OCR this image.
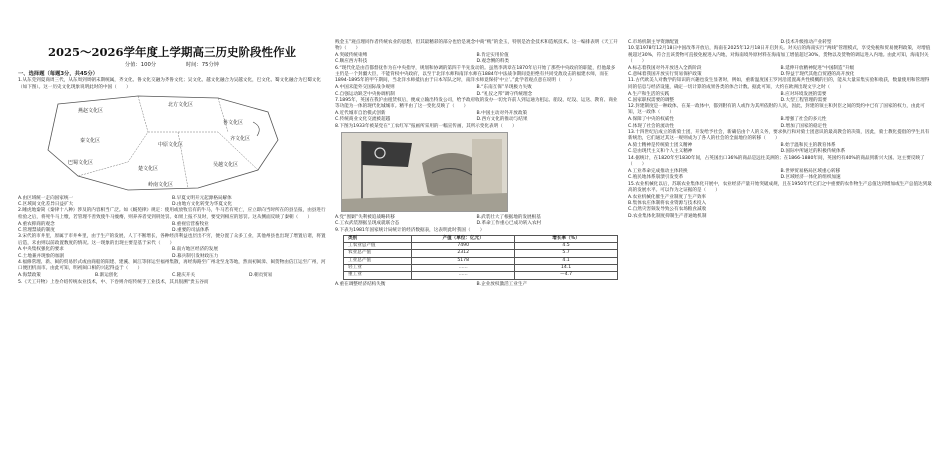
2025～2026学年度上学期高三历史阶段性作业
分值：100分	时间：75分钟
一、选择题（每题3分，共45分）

1.从东莞到夏商周三代，从东周到周朝末期统属，齐文化、鲁文化交融为齐鲁文化；吴文化、越文化融合为吴越文化，巴文化、蜀文化融合为巴蜀文化（如下图）。这一历史文化现象说明此时的中国（　　）

北方文化区
燕赵文化区
鲁文化区
齐文化区
中原文化区
秦文化区
巴蜀文化区
楚文化区
吴越文化区
岭南文化区
A.由区域统一走向国家统一	B.早夏文明开元起源格局解体
C.区域间文化差异日益扩大	D.由地方文化转变为华夏文化

2.睡虎地秦简《秦律十八种》涉及的内容相当广泛。如《厩苑律》规定：使用或放牧官有的牛马，牛马若有死亡，应立即向当时所在的县呈报，由县进行检验之后，将死牛马上缴，若管理不善致使牛马瘦瘠，则养养者受到刑处罚。如果上报不及时，要受到相应的惩罚。这从侧面反映了秦朝（　　）

A.重农抑商的观念	B.重视官营畜牧业
C.管理禁战的制度	D.重要的司法体系

3.宋代的市井里，原属于市井乡里，由于生产的发展，人丁不断增长，各种经济利益也层出不穷，便分置了众多工业，其他州县也出现了增置后诸，将置后造，未由则以前政置数度的情况。这一现象的出现主要是基于宋代（　　）

A.中央集权强化的要求	B.南方地区经济的发展
C.土地兼并现象的加剧	D.募兵制引发财政压力

4.福修常理、新、闽的贸易形式或由商船的阳建、建溪、闽江等驿运至福州集散，再经海路至广州北至龙等地，然而初闽漳、闽贺物由信江运至广州，河口便团机而市。由此可知，明初闽口相的兴起得益于（　　）

A.海禁政策	B.渐运创化	C.隆庆开关	D.朝贡贸易

5.《天工开物》上卷介绍传统农业技术，中、下卷则介绍传统手工业技术，其具很溯“贵五谷而

贱金玉”观点理同作者传统农业的思想，但其最精彩的部分也恰是观念中商“贱”的金玉，特别是冶金技术和造纸技术。这一编排表明《天工开物》（　　）

A.突破传统束缚	B.肯定实用价值
C.顺应西方科技	D.观念侧的料类

6.“现代化是由首都督抚作为在中央指导，规划和协调的第四千半先发动的。虽然李鸿章在1870年后开始了那些中央政府的职能，但他最多主仍是一个封疆大臣，不能背权中央政府，以至于北洋水师和南洋水师在1884年中法战争期间竟拒绝有共同受敌攻击的福建水师，而在1894-1895年的甲午期间，当北洋水师抵抗由于日本军队之时，南洋水师竟保持‘中立’。”此学者观点意在说明（　　）

A.中国未能外交国际战争规则	B.“东南互保”早现极力失败
C.自强运动缺乏中央协调机制	D.“礼仪之邦”调守传统理念

7.1895年，英国在我沪由租赁权后，便成立输出特发公司，给予政府收的发办一切允许前人到运通为租运、船设、纪设、运送、教育、商业等功能为一体的现代化城城市。精半由了这一变化反映了（　　）

A.近代城市自治模式创新	B.中国主动对外开放政策
C.传统商业文化交流被超越	D.西方文化的推动与结果

8.下图为1933年被某党在“工农红军”报画所采用的一幅宣传画，其所示变化表明（　　）

A.党“围剿”失利被追战略转移	B.武装壮大了根据地的发展根基
C.工农武装割据呈现成就联合态	D.革命工作重心已成功转入农村

9.下表为1981年国家统计局统计的经济数据表，这表明此时我国（　　）

类别	产值（单位：亿元）	增长率（%）
工农业总产值	7490	4.5
农业总产值	2312	5.7
工业总产值	5178	4.1
轻工业	……	14.1
重工业	……	—4.7
A.重在调整经济结构失衡	B.企业放权激活工业生产
C.市场机制主导资源配置	D.技术升级推动产业转型

10.第1978年12月18日中国改革开放后，海南在2025年12月18日开启封关。对关后的海南实行“两线”管理模式，享受免税和贸易便利政策，对增值税超过30%，符合且该货物可直接免税进入内地，对海南境外原材料在海南加工增值超过30%，货物以及货物的调运进入内地。由此可知，海南封关（　　）

A.标志着我国对外开放进入全新阶段	B.延伸开放精神促进“中国制造”升级
C.意味着我国开放实行贸易保护政策	D.得益于现代其他自贸港的高开放化

11.古代欧美人对数学的知识的兴趣也发生显著时，例如，重新温度国王罗河沿遥置离共性模概的目的，能从大量采集实验和收获，数量使用和管理得同的信息与经济设施，确定一切计算的成果各类的体合计数。据此可知，大约在欧洲出现文字之时（　　）

A.生产和生活的实践	B.应对环境发展的需要
C.国家职权需要的调整	D.大型工程管理的需要

12.封建制度是一种政体、在某一政体中，都到附有的人或作为其所依附的人民，因此，封建的领主和封臣之间的契约中已有了国家的权力，由此可知，这一政体（　　）

A.保障了中央的权威性	B.增强了社会的多元性
C.体现了社会的流动性	D.增加了国家的稳定性

13.十四世纪后成立的新骑士团，开发给予社会，新确信由个人的义务，要求执行和对骑士团意识的最高教会的决策，因此，骑士教化提倡的学生具有新统治，它们通过其这一规则成为了各人的社会的全面地位的转移（　　）

A.骑士精神是传统骑士团义精神	B.始于温和民主的教育体系
C.是由现代主义和个人主义精神	D.国际中所通过的积极传统体系

14.据统计，在1820年至1830年间，占英国出口36%的商品是远往美洲的；在1866-1880年间，英国约有40%的商品到新兴大国。这主要反映了（　　）

A.工业革命完成推动主体转换	B.世界贸易格局区域重心转移
C.殖民地体系崩溃引发变革	D.区域经济一体化的组织加速

15.农业机械化以后，苏联农业集体化开展中，农业经济产量开始突破成规，且在1950年代它们之中重要的农作物生产总值达到增加或生产总值达到最高的发展水平。可以作为之证据的是（　　）

A.农业机械化催生产业制度了生产效率
B.集体农庄体制将农业资源与技术投入
C.自然灾害频发导致公有农场粮食减收
D.农业集体化制度抑制生产普通地机制
